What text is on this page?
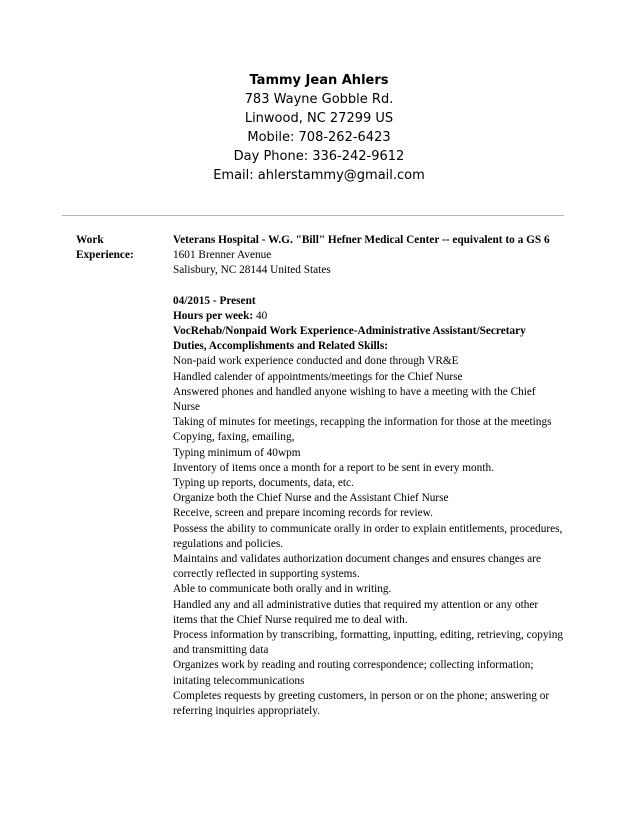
Tammy Jean Ahlers
783 Wayne Gobble Rd.
Linwood, NC 27299 US
Mobile: 708-262-6423
Day Phone: 336-242-9612
Email: ahlerstammy@gmail.com
Work
Experience:
Veterans Hospital - W.G. "Bill" Hefner Medical Center -- equivalent to a GS 6
1601 Brenner Avenue
Salisbury, NC 28144 United States
04/2015 - Present
Hours per week: 40
VocRehab/Nonpaid Work Experience-Administrative Assistant/Secretary
Duties, Accomplishments and Related Skills:
Non-paid work experience conducted and done through VR&E
Handled calender of appointments/meetings for the Chief Nurse
Answered phones and handled anyone wishing to have a meeting with the Chief Nurse
Taking of minutes for meetings, recapping the information for those at the meetings
Copying, faxing, emailing,
Typing minimum of 40wpm
Inventory of items once a month for a report to be sent in every month.
Typing up reports, documents, data, etc.
Organize both the Chief Nurse and the Assistant Chief Nurse
Receive, screen and prepare incoming records for review.
Possess the ability to communicate orally in order to explain entitlements, procedures, regulations and policies.
Maintains and validates authorization document changes and ensures changes are correctly reflected in supporting systems.
Able to communicate both orally and in writing.
Handled any and all administrative duties that required my attention or any other items that the Chief Nurse required me to deal with.
Process information by transcribing, formatting, inputting, editing, retrieving, copying and transmitting data
Organizes work by reading and routing correspondence; collecting information; initating telecommunications
Completes requests by greeting customers, in person or on the phone; answering or referring inquiries appropriately.
